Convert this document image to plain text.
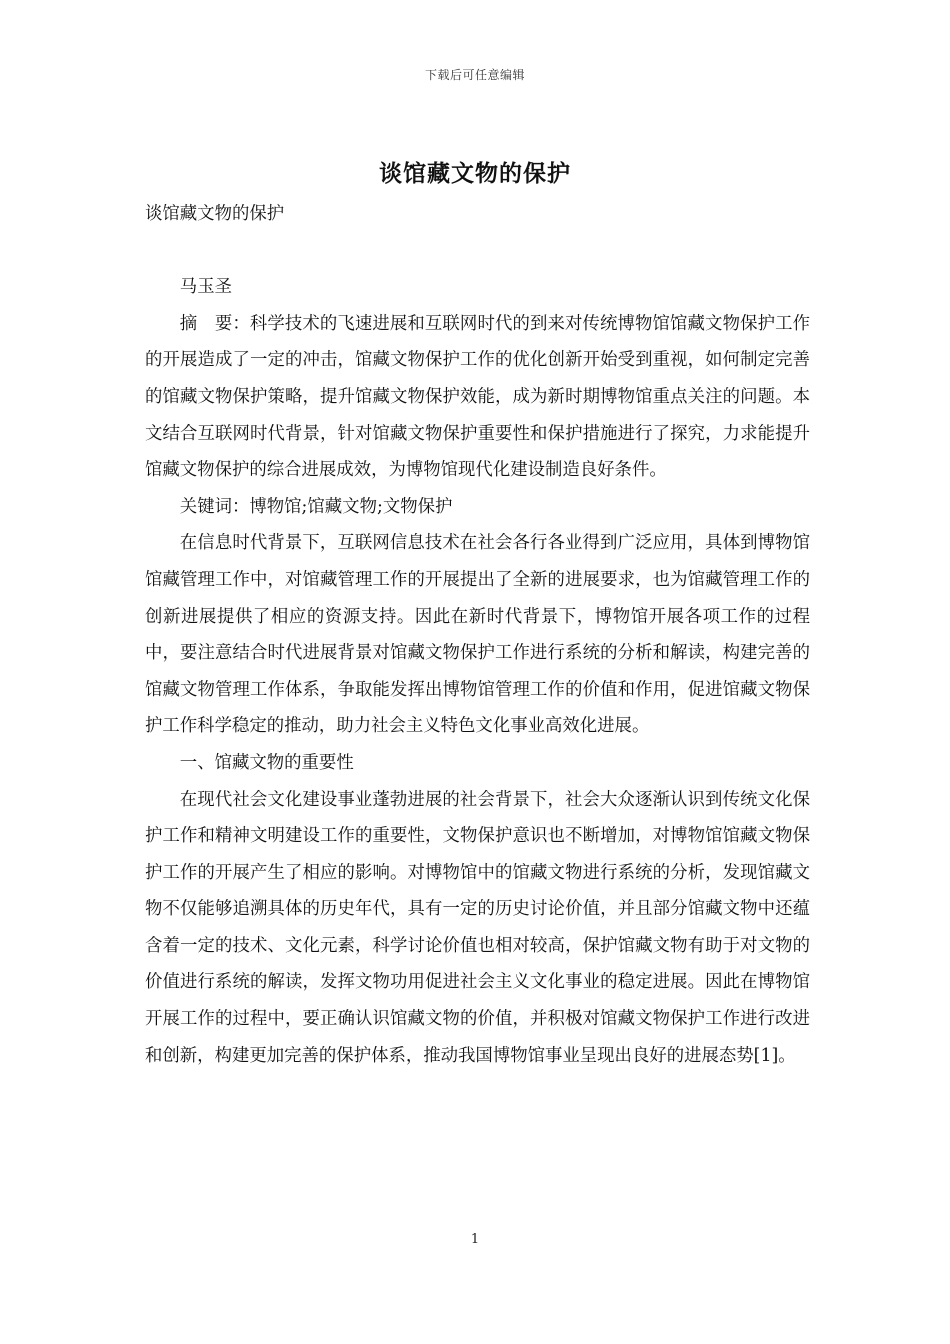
下载后可任意编辑
谈馆藏文物的保护

谈馆藏文物的保护

马玉圣

摘　要：科学技术的飞速进展和互联网时代的到来对传统博物馆馆藏文物保护工作的开展造成了一定的冲击，馆藏文物保护工作的优化创新开始受到重视，如何制定完善的馆藏文物保护策略，提升馆藏文物保护效能，成为新时期博物馆重点关注的问题。本文结合互联网时代背景，针对馆藏文物保护重要性和保护措施进行了探究，力求能提升馆藏文物保护的综合进展成效，为博物馆现代化建设制造良好条件。

关键词：博物馆;馆藏文物;文物保护

在信息时代背景下，互联网信息技术在社会各行各业得到广泛应用，具体到博物馆馆藏管理工作中，对馆藏管理工作的开展提出了全新的进展要求，也为馆藏管理工作的创新进展提供了相应的资源支持。因此在新时代背景下，博物馆开展各项工作的过程中，要注意结合时代进展背景对馆藏文物保护工作进行系统的分析和解读，构建完善的馆藏文物管理工作体系，争取能发挥出博物馆管理工作的价值和作用，促进馆藏文物保护工作科学稳定的推动，助力社会主义特色文化事业高效化进展。

一、馆藏文物的重要性

在现代社会文化建设事业蓬勃进展的社会背景下，社会大众逐渐认识到传统文化保护工作和精神文明建设工作的重要性，文物保护意识也不断增加，对博物馆馆藏文物保护工作的开展产生了相应的影响。对博物馆中的馆藏文物进行系统的分析，发现馆藏文物不仅能够追溯具体的历史年代，具有一定的历史讨论价值，并且部分馆藏文物中还蕴含着一定的技术、文化元素，科学讨论价值也相对较高，保护馆藏文物有助于对文物的价值进行系统的解读，发挥文物功用促进社会主义文化事业的稳定进展。因此在博物馆开展工作的过程中，要正确认识馆藏文物的价值，并积极对馆藏文物保护工作进行改进和创新，构建更加完善的保护体系，推动我国博物馆事业呈现出良好的进展态势[1]。

1
